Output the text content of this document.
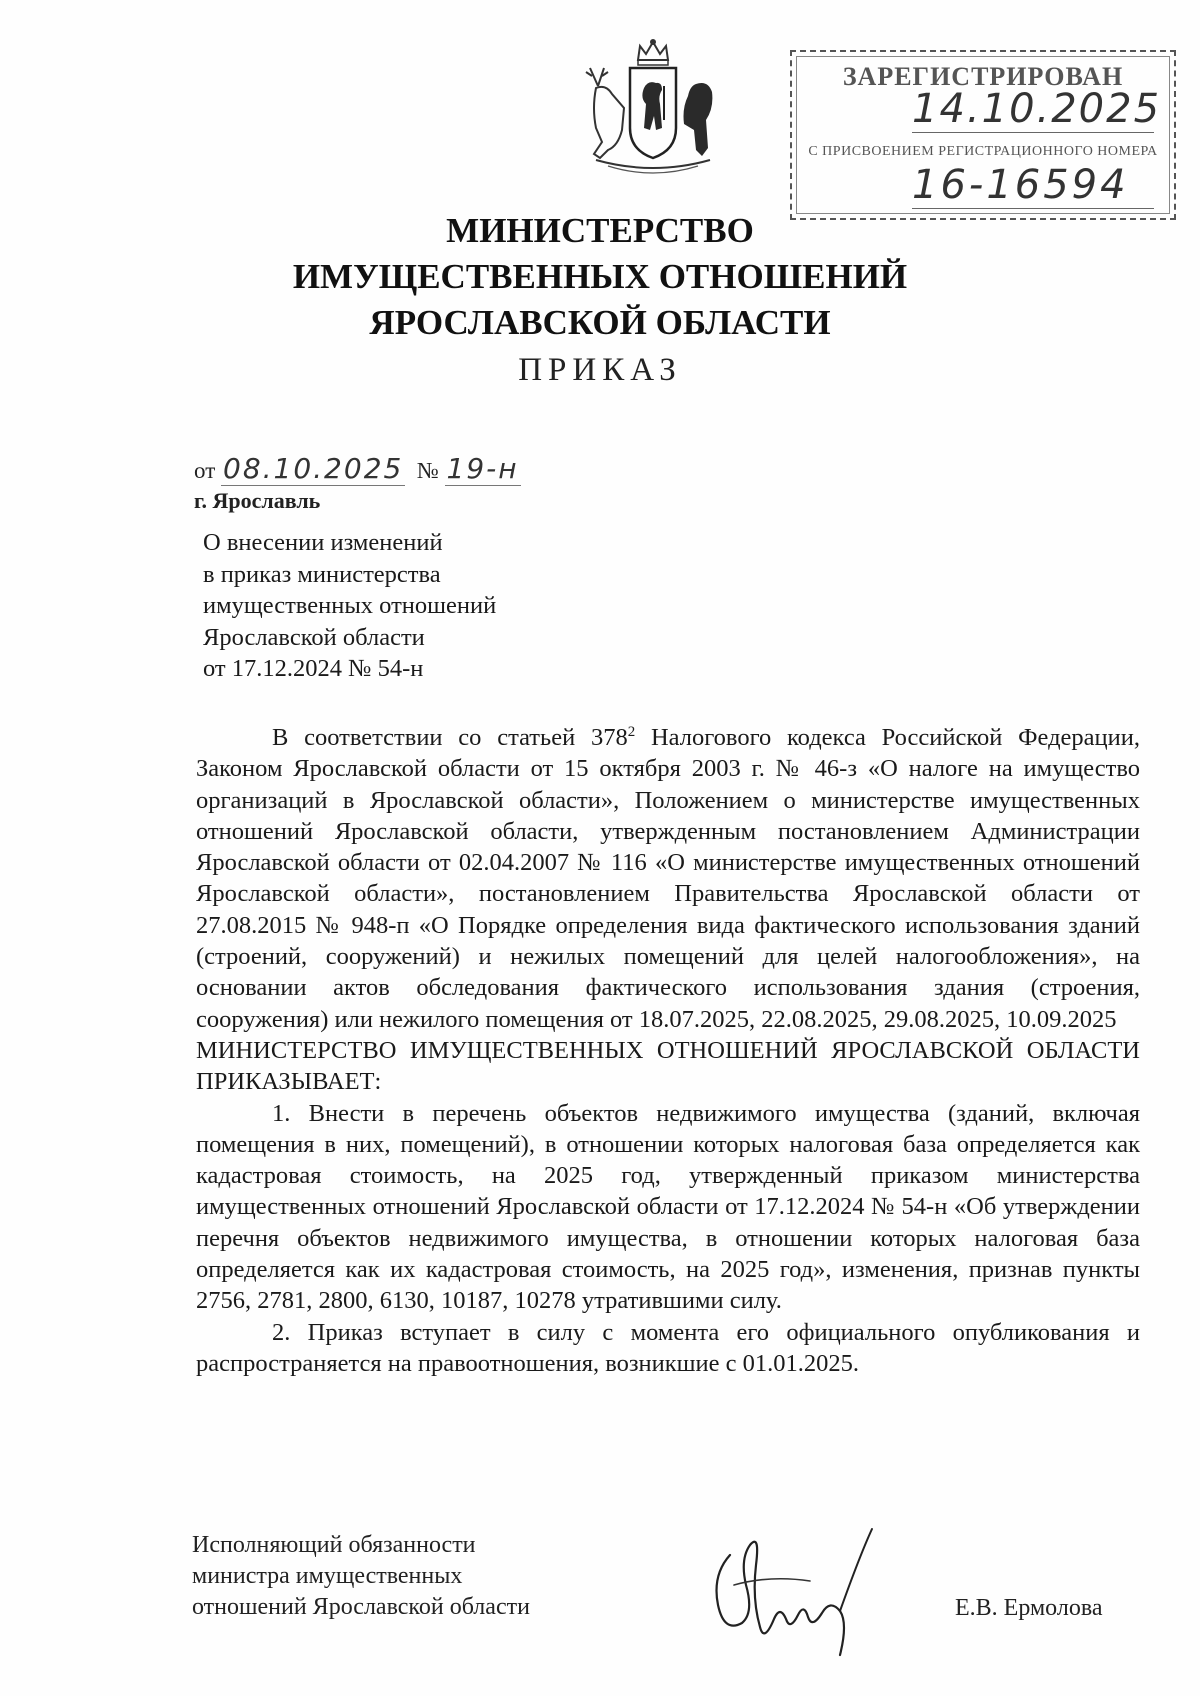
ЗАРЕГИСТРИРОВАН
14.10.2025
С ПРИСВОЕНИЕМ РЕГИСТРАЦИОННОГО НОМЕРА
16-16594
МИНИСТЕРСТВО
ИМУЩЕСТВЕННЫХ ОТНОШЕНИЙ
ЯРОСЛАВСКОЙ ОБЛАСТИ
ПРИКАЗ
от 08.10.2025 № 19-н
г. Ярославль
О внесении изменений
в приказ министерства
имущественных отношений
Ярославской области
от 17.12.2024 № 54-н

В соответствии со статьей $378^2$ Налогового кодекса Российской Федерации, Законом Ярославской области от 15 октября 2003 г. № 46-з «О налоге на имущество организаций в Ярославской области», Положением о министерстве имущественных отношений Ярославской области, утвержденным постановлением Администрации Ярославской области от 02.04.2007 № 116 «О министерстве имущественных отношений Ярославской области», постановлением Правительства Ярославской области от 27.08.2015 № 948-п «О Порядке определения вида фактического использования зданий (строений, сооружений) и нежилых помещений для целей налогообложения», на основании актов обследования фактического использования здания (строения, сооружения) или нежилого помещения от 18.07.2025, 22.08.2025, 29.08.2025, 10.09.2025

МИНИСТЕРСТВО ИМУЩЕСТВЕННЫХ ОТНОШЕНИЙ ЯРОСЛАВСКОЙ ОБЛАСТИ ПРИКАЗЫВАЕТ:

1. Внести в перечень объектов недвижимого имущества (зданий, включая помещения в них, помещений), в отношении которых налоговая база определяется как кадастровая стоимость, на 2025 год, утвержденный приказом министерства имущественных отношений Ярославской области от 17.12.2024 № 54-н «Об утверждении перечня объектов недвижимого имущества, в отношении которых налоговая база определяется как их кадастровая стоимость, на 2025 год», изменения, признав пункты 2756, 2781, 2800, 6130, 10187, 10278 утратившими силу.

2. Приказ вступает в силу с момента его официального опубликования и распространяется на правоотношения, возникшие с 01.01.2025.

Исполняющий обязанности
министра имущественных
отношений Ярославской области	Е.В. Ермолова
